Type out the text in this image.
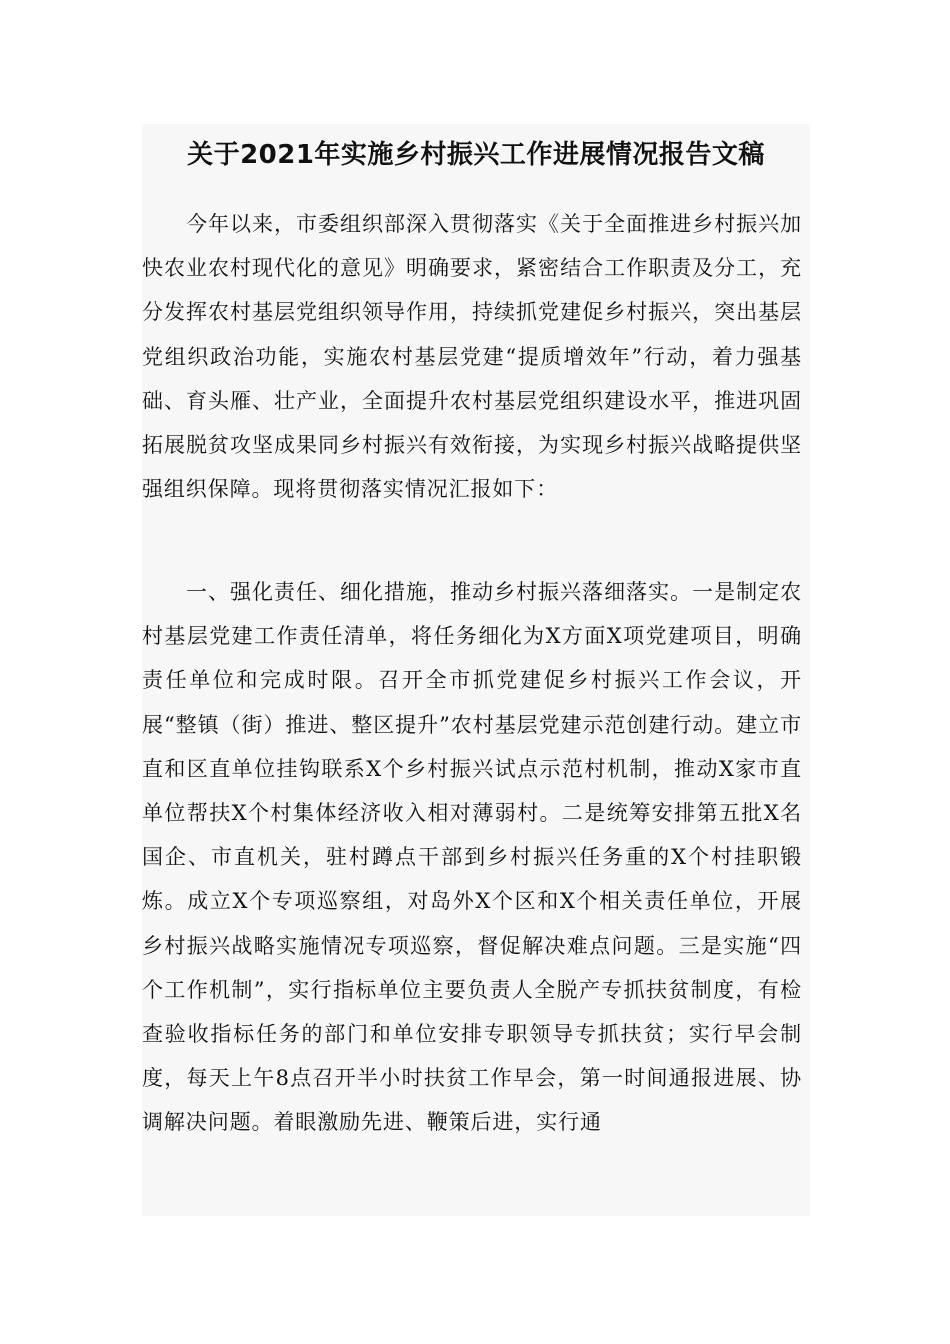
关于2021年实施乡村振兴工作进展情况报告文稿

今年以来，市委组织部深入贯彻落实《关于全面推进乡村振兴加快农业农村现代化的意见》明确要求，紧密结合工作职责及分工，充分发挥农村基层党组织领导作用，持续抓党建促乡村振兴，突出基层党组织政治功能，实施农村基层党建“提质增效年”行动，着力强基础、育头雁、壮产业，全面提升农村基层党组织建设水平，推进巩固拓展脱贫攻坚成果同乡村振兴有效衔接，为实现乡村振兴战略提供坚强组织保障。现将贯彻落实情况汇报如下：

一、强化责任、细化措施，推动乡村振兴落细落实。一是制定农村基层党建工作责任清单，将任务细化为X方面X项党建项目，明确责任单位和完成时限。召开全市抓党建促乡村振兴工作会议，开展“整镇（街）推进、整区提升”农村基层党建示范创建行动。建立市直和区直单位挂钩联系X个乡村振兴试点示范村机制，推动X家市直单位帮扶X个村集体经济收入相对薄弱村。二是统筹安排第五批X名国企、市直机关，驻村蹲点干部到乡村振兴任务重的X个村挂职锻炼。成立X个专项巡察组，对岛外X个区和X个相关责任单位，开展乡村振兴战略实施情况专项巡察，督促解决难点问题。三是实施“四个工作机制”，实行指标单位主要负责人全脱产专抓扶贫制度，有检查验收指标任务的部门和单位安排专职领导专抓扶贫；实行早会制度，每天上午8点召开半小时扶贫工作早会，第一时间通报进展、协调解决问题。着眼激励先进、鞭策后进，实行通
